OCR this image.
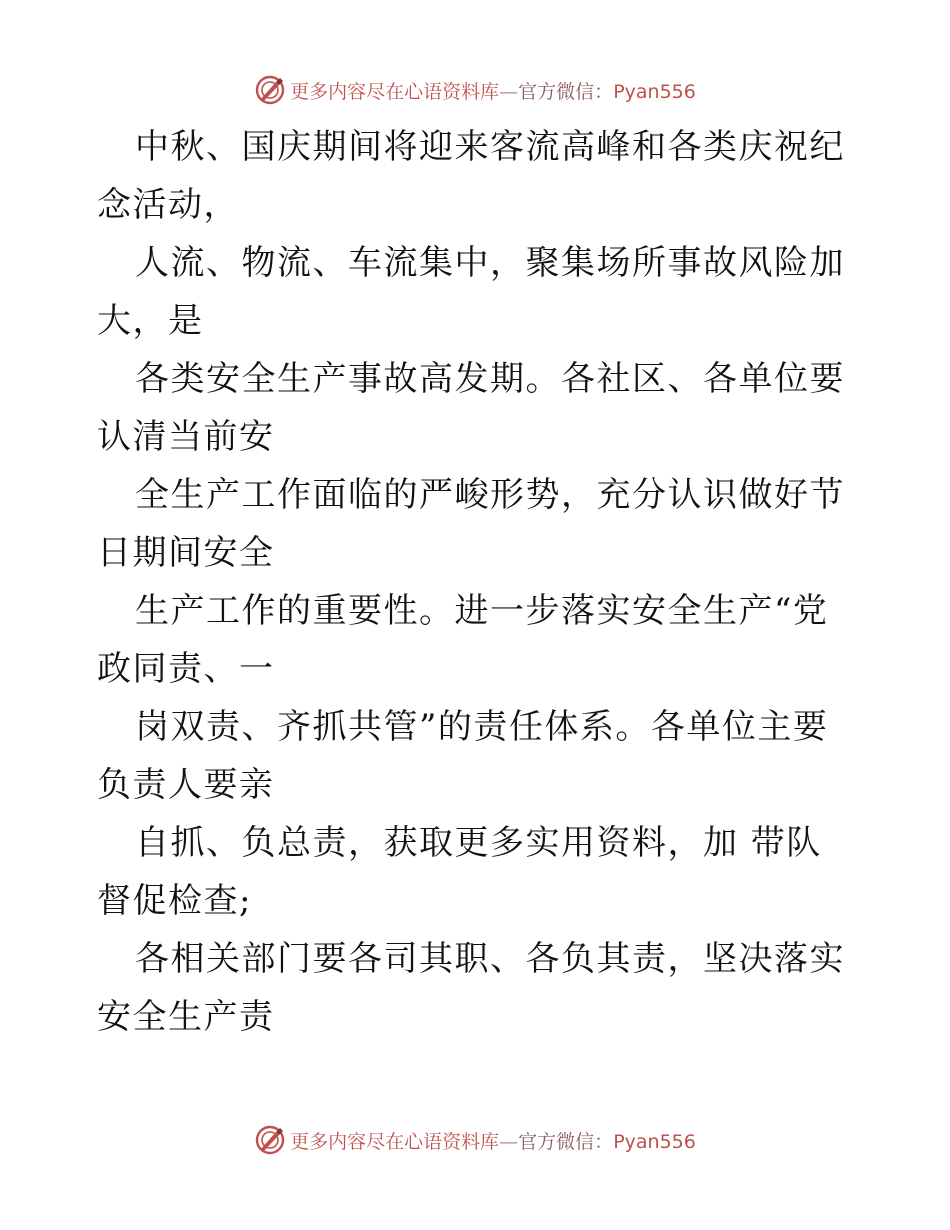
更多内容尽在心语资料库—官方微信：Pyan556

中秋、国庆期间将迎来客流高峰和各类庆祝纪念活动，

人流、物流、车流集中，聚集场所事故风险加大，是

各类安全生产事故高发期。各社区、各单位要认清当前安

全生产工作面临的严峻形势，充分认识做好节日期间安全

生产工作的重要性。进一步落实安全生产“党政同责、一

岗双责、齐抓共管”的责任体系。各单位主要负责人要亲

自抓、负总责，获取更多实用资料，加 带队督促检查;

各相关部门要各司其职、各负其责，坚决落实安全生产责

更多内容尽在心语资料库—官方微信：Pyan556
